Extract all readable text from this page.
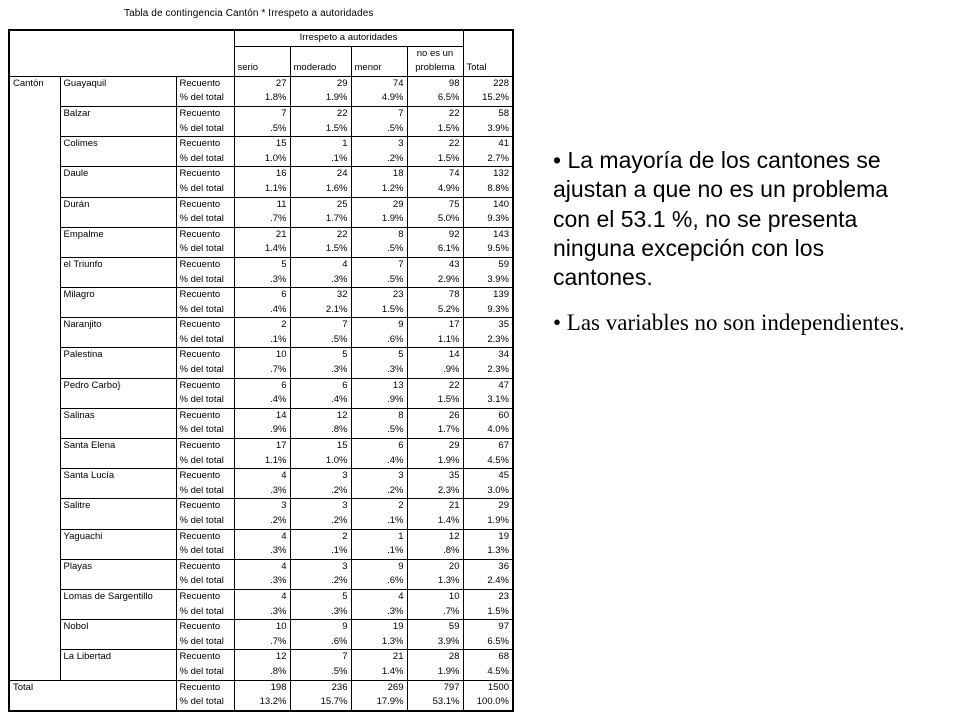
Tabla de contingencia Cantón * Irrespeto a autoridades
			Irrespeto a autoridades				
						no es un	
			serio	moderado	menor	problema	Total
Cantón	Guayaquil	Recuento	27	29	74	98	228
		% del total	1.8%	1.9%	4.9%	6.5%	15.2%
	Balzar	Recuento	7	22	7	22	58
		% del total	.5%	1.5%	.5%	1.5%	3.9%
	Colimes	Recuento	15	1	3	22	41
		% del total	1.0%	.1%	.2%	1.5%	2.7%
	Daule	Recuento	16	24	18	74	132
		% del total	1.1%	1.6%	1.2%	4.9%	8.8%
	Durán	Recuento	11	25	29	75	140
		% del total	.7%	1.7%	1.9%	5.0%	9.3%
	Empalme	Recuento	21	22	8	92	143
		% del total	1.4%	1.5%	.5%	6.1%	9.5%
	el Triunfo	Recuento	5	4	7	43	59
		% del total	.3%	.3%	.5%	2.9%	3.9%
	Milagro	Recuento	6	32	23	78	139
		% del total	.4%	2.1%	1.5%	5.2%	9.3%
	Naranjito	Recuento	2	7	9	17	35
		% del total	.1%	.5%	.6%	1.1%	2.3%
	Palestina	Recuento	10	5	5	14	34
		% del total	.7%	.3%	.3%	.9%	2.3%
	Pedro Carbo}	Recuento	6	6	13	22	47
		% del total	.4%	.4%	.9%	1.5%	3.1%
	Salinas	Recuento	14	12	8	26	60
		% del total	.9%	.8%	.5%	1.7%	4.0%
	Santa Elena	Recuento	17	15	6	29	67
		% del total	1.1%	1.0%	.4%	1.9%	4.5%
	Santa Lucía	Recuento	4	3	3	35	45
		% del total	.3%	.2%	.2%	2.3%	3.0%
	Salitre	Recuento	3	3	2	21	29
		% del total	.2%	.2%	.1%	1.4%	1.9%
	Yaguachi	Recuento	4	2	1	12	19
		% del total	.3%	.1%	.1%	.8%	1.3%
	Playas	Recuento	4	3	9	20	36
		% del total	.3%	.2%	.6%	1.3%	2.4%
	Lomas de Sargentillo	Recuento	4	5	4	10	23
		% del total	.3%	.3%	.3%	.7%	1.5%
	Nobol	Recuento	10	9	19	59	97
		% del total	.7%	.6%	1.3%	3.9%	6.5%
	La Libertad	Recuento	12	7	21	28	68
		% del total	.8%	.5%	1.4%	1.9%	4.5%
Total		Recuento	198	236	269	797	1500
		% del total	13.2%	15.7%	17.9%	53.1%	100.0%

• La mayoría de los cantones se ajustan a que no es un problema con el 53.1 %, no se presenta ninguna excepción con los cantones.

• Las variables no son independientes.
